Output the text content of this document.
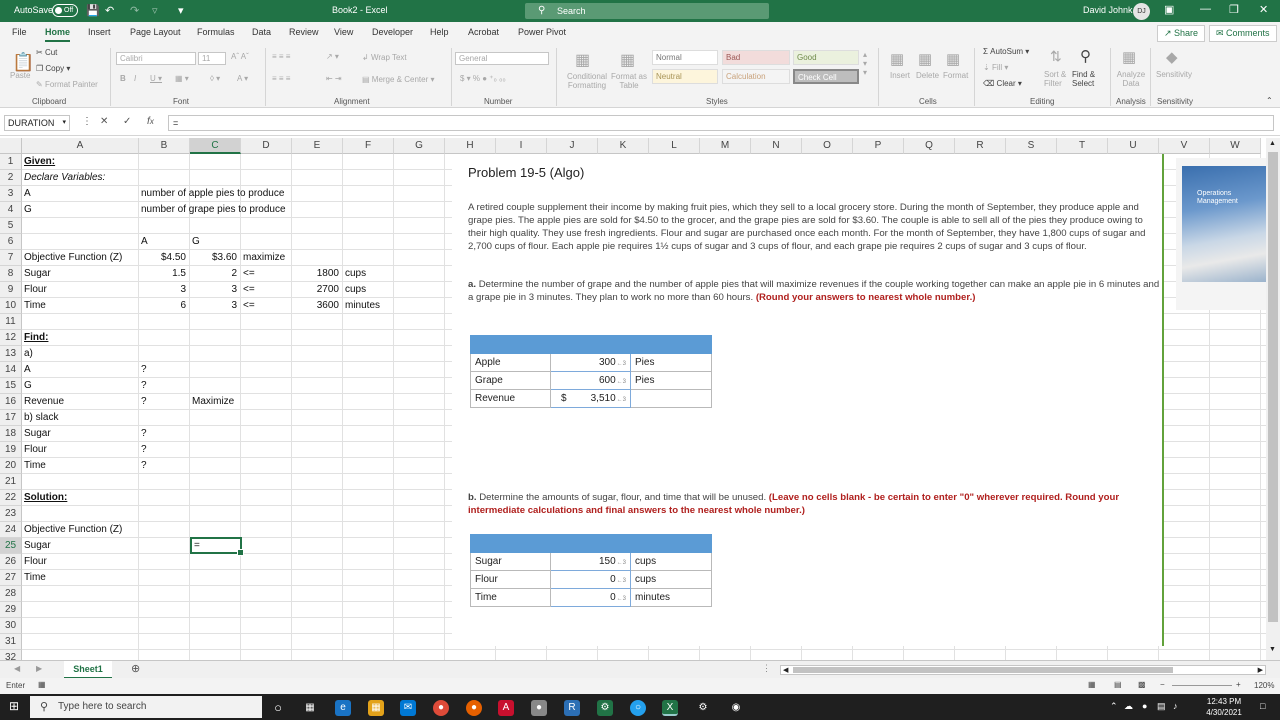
AutoSave	Off	💾 ↶ ↷ ▿ ▾	Book2 - Excel	⚲ Search	David Johnk DJ	▣ — ❐ ✕
File Home Insert Page Layout Formulas Data Review View Developer Help Acrobat Power Pivot	↗ Share	✉ Comments
📋
Paste
✂ Cut
❐ Copy ▾
✎ Format Painter
Clipboard
Calibri	11	Aˆ Aˇ
B I U ▾ ▦ ▾	◊ ▾ A ▾
Font
≡ ≡ ≡
≡ ≡ ≡
↗ ▾
⇤ ⇥
↲ Wrap Text
▤ Merge & Center ▾
Alignment
General
$ ▾ % ● ⁺₀ ₀₀
Number
▦
Conditional Formatting
▦
Format as Table
Normal	Bad	Good
Neutral	Calculation	Check Cell
▴
▾
▾
Styles
▦
Insert
▦
Delete
▦
Format
Cells
Σ AutoSum ▾
⇣ Fill ▾
⌫ Clear ▾
⇅
Sort & Filter
⚲
Find & Select
Editing
▦
Analyze Data
Analysis
◆
Sensitivity
Sensitivity	⌃
DURATION ▾ ⋮ ✕ ✓ fx	=
A	B	C	D	E	F	G	H	I	J	K	L	M	N	O	P	Q	R	S	T	U	V	W
1
2
3
4
5
6
7
8
9
10
11
12
13
14
15
16
17
18
19
20
21
22
23
24
25
26
27
28
29
30
31
32
Given:
Declare Variables:
A	number of apple pies to produce
G	number of grape pies to produce
A	G
Objective Function (Z)	$4.50	$3.60 maximize
Sugar	1.5	2 <=	1800 cups
Flour	3	3 <=	2700 cups
Time	6	3 <=	3600 minutes
Find:
a)
A	?
G	?
Revenue	?	Maximize
b) slack
Sugar	?
Flour	?
Time	?
Solution:
Objective Function (Z)
Sugar
Flour
Time
=
Problem 19-5 (Algo)
A retired couple supplement their income by making fruit pies, which they sell to a local grocery store. During the month of September, they produce apple and grape pies. The apple pies are sold for $4.50 to the grocer, and the grape pies are sold for $3.60. The couple is able to sell all of the pies they produce owing to their high quality. They use fresh ingredients. Flour and sugar are purchased once each month. For the month of September, they have 1,800 cups of sugar and 2,700 cups of flour. Each apple pie requires 1½ cups of sugar and 3 cups of flour, and each grape pie requires 2 cups of sugar and 3 cups of flour.
a. Determine the number of grape and the number of apple pies that will maximize revenues if the couple working together can make an apple pie in 6 minutes and a grape pie in 3 minutes. They plan to work no more than 60 hours. (Round your answers to nearest whole number.)

Apple	300←3	Pies
Grape	600←3	Pies
Revenue	$ 3,510←3	
b. Determine the amounts of sugar, flour, and time that will be unused. (Leave no cells blank - be certain to enter "0" wherever required. Round your intermediate calculations and final answers to the nearest whole number.)

Sugar	150←3	cups
Flour	0←3	cups
Time	0←3	minutes
Operations Management
▲
▼
◀ ▶	Sheet1	⊕	⋮ ◀	▶
Enter ▦	▦ ▤ ▩ −	+ 120%
⊞ ⚲ Type here to search	○	▦	e	▦	✉	●	●	A	●	R	⚙	○	X	⚙	◉	⌃ ☁ ● ▤ ♪	12:43 PM
4/30/2021
□
